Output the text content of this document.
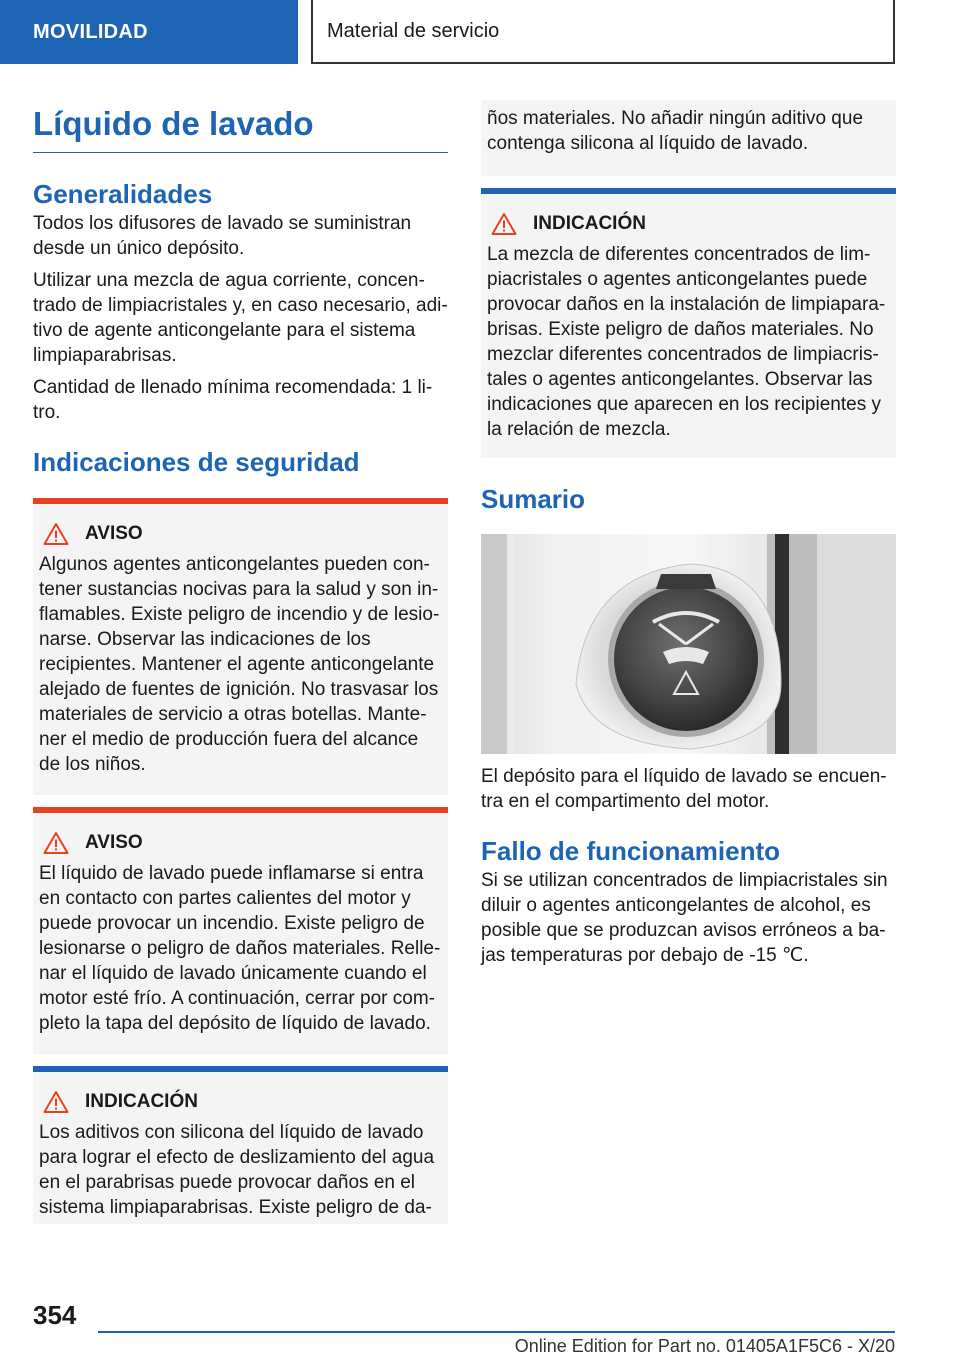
MOVILIDAD	Material de servicio
Líquido de lavado
Generalidades

Todos los difusores de lavado se suministran desde un único depósito.

Utilizar una mezcla de agua corriente, concen- trado de limpiacristales y, en caso necesario, adi- tivo de agente anticongelante para el sistema limpiaparabrisas.

Cantidad de llenado mínima recomendada: 1 li- tro.

Indicaciones de seguridad
AVISO

Algunos agentes anticongelantes pueden con- tener sustancias nocivas para la salud y son in- flamables. Existe peligro de incendio y de lesio- narse. Observar las indicaciones de los recipientes. Mantener el agente anticongelante alejado de fuentes de ignición. No trasvasar los materiales de servicio a otras botellas. Mante- ner el medio de producción fuera del alcance de los niños.

AVISO

El líquido de lavado puede inflamarse si entra en contacto con partes calientes del motor y puede provocar un incendio. Existe peligro de lesionarse o peligro de daños materiales. Relle- nar el líquido de lavado únicamente cuando el motor esté frío. A continuación, cerrar por com- pleto la tapa del depósito de líquido de lavado.

INDICACIÓN

Los aditivos con silicona del líquido de lavado para lograr el efecto de deslizamiento del agua en el parabrisas puede provocar daños en el sistema limpiaparabrisas. Existe peligro de da-

ños materiales. No añadir ningún aditivo que contenga silicona al líquido de lavado.

INDICACIÓN

La mezcla de diferentes concentrados de lim- piacristales o agentes anticongelantes puede provocar daños en la instalación de limpiapara- brisas. Existe peligro de daños materiales. No mezclar diferentes concentrados de limpiacris- tales o agentes anticongelantes. Observar las indicaciones que aparecen en los recipientes y la relación de mezcla.

Sumario

El depósito para el líquido de lavado se encuen- tra en el compartimento del motor.

Fallo de funcionamiento

Si se utilizan concentrados de limpiacristales sin diluir o agentes anticongelantes de alcohol, es posible que se produzcan avisos erróneos a ba- jas temperaturas por debajo de -15 ℃.

354
Online Edition for Part no. 01405A1F5C6 - X/20
